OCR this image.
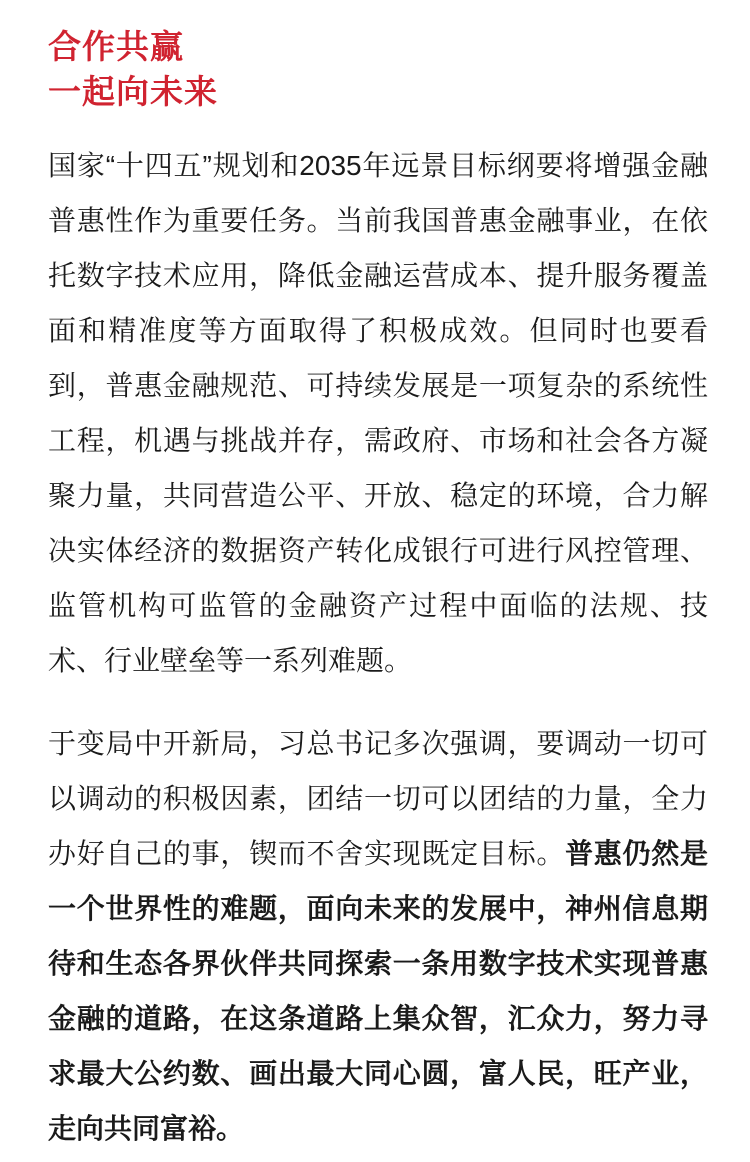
合作共赢
一起向未来

国家“十四五”规划和2035年远景目标纲要将增强金融普惠性作为重要任务。当前我国普惠金融事业，在依托数字技术应用，降低金融运营成本、提升服务覆盖面和精准度等方面取得了积极成效。但同时也要看到，普惠金融规范、可持续发展是一项复杂的系统性工程，机遇与挑战并存，需政府、市场和社会各方凝聚力量，共同营造公平、开放、稳定的环境，合力解决实体经济的数据资产转化成银行可进行风控管理、监管机构可监管的金融资产过程中面临的法规、技术、行业壁垒等一系列难题。

于变局中开新局，习总书记多次强调，要调动一切可以调动的积极因素，团结一切可以团结的力量，全力办好自己的事，锲而不舍实现既定目标。普惠仍然是一个世界性的难题，面向未来的发展中，神州信息期待和生态各界伙伴共同探索一条用数字技术实现普惠金融的道路，在这条道路上集众智，汇众力，努力寻求最大公约数、画出最大同心圆，富人民，旺产业，走向共同富裕。
